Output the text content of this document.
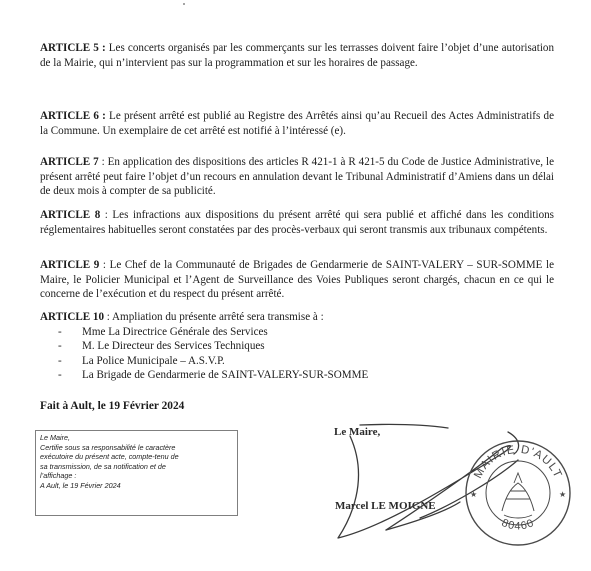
ARTICLE 5 : Les concerts organisés par les commerçants sur les terrasses doivent faire l’objet d’une autorisation de la Mairie, qui n’intervient pas sur la programmation et sur les horaires de passage.
ARTICLE 6 : Le présent arrêté est publié au Registre des Arrêtés ainsi qu’au Recueil des Actes Administratifs de la Commune. Un exemplaire de cet arrêté est notifié à l’intéressé (e).
ARTICLE 7 : En application des dispositions des articles R 421-1 à R 421-5 du Code de Justice Administrative, le présent arrêté peut faire l’objet d’un recours en annulation devant le Tribunal Administratif d’Amiens dans un délai de deux mois à compter de sa publicité.
ARTICLE 8 : Les infractions aux dispositions du présent arrêté qui sera publié et affiché dans les conditions réglementaires habituelles seront constatées par des procès-verbaux qui seront transmis aux tribunaux compétents.
ARTICLE 9 : Le Chef de la Communauté de Brigades de Gendarmerie de SAINT-VALERY – SUR-SOMME le Maire, le Policier Municipal et l’Agent de Surveillance des Voies Publiques seront chargés, chacun en ce qui le concerne de l’exécution et du respect du présent arrêté.
ARTICLE 10 : Ampliation du présente arrêté sera transmise à :
- Mme La Directrice Générale des Services
- M. Le Directeur des Services Techniques
- La Police Municipale – A.S.V.P.
- La Brigade de Gendarmerie de SAINT-VALERY-SUR-SOMME
Fait à Ault, le 19 Février 2024
Le Maire,
Certifie sous sa responsabilité le caractère
exécutoire du présent acte, compte-tenu de
sa transmission, de sa notification et de
l’affichage :
A Ault, le 19 Février 2024
Le Maire,
Marcel LE MOIGNE
MAIRIE D'AULT
80460
★	★
